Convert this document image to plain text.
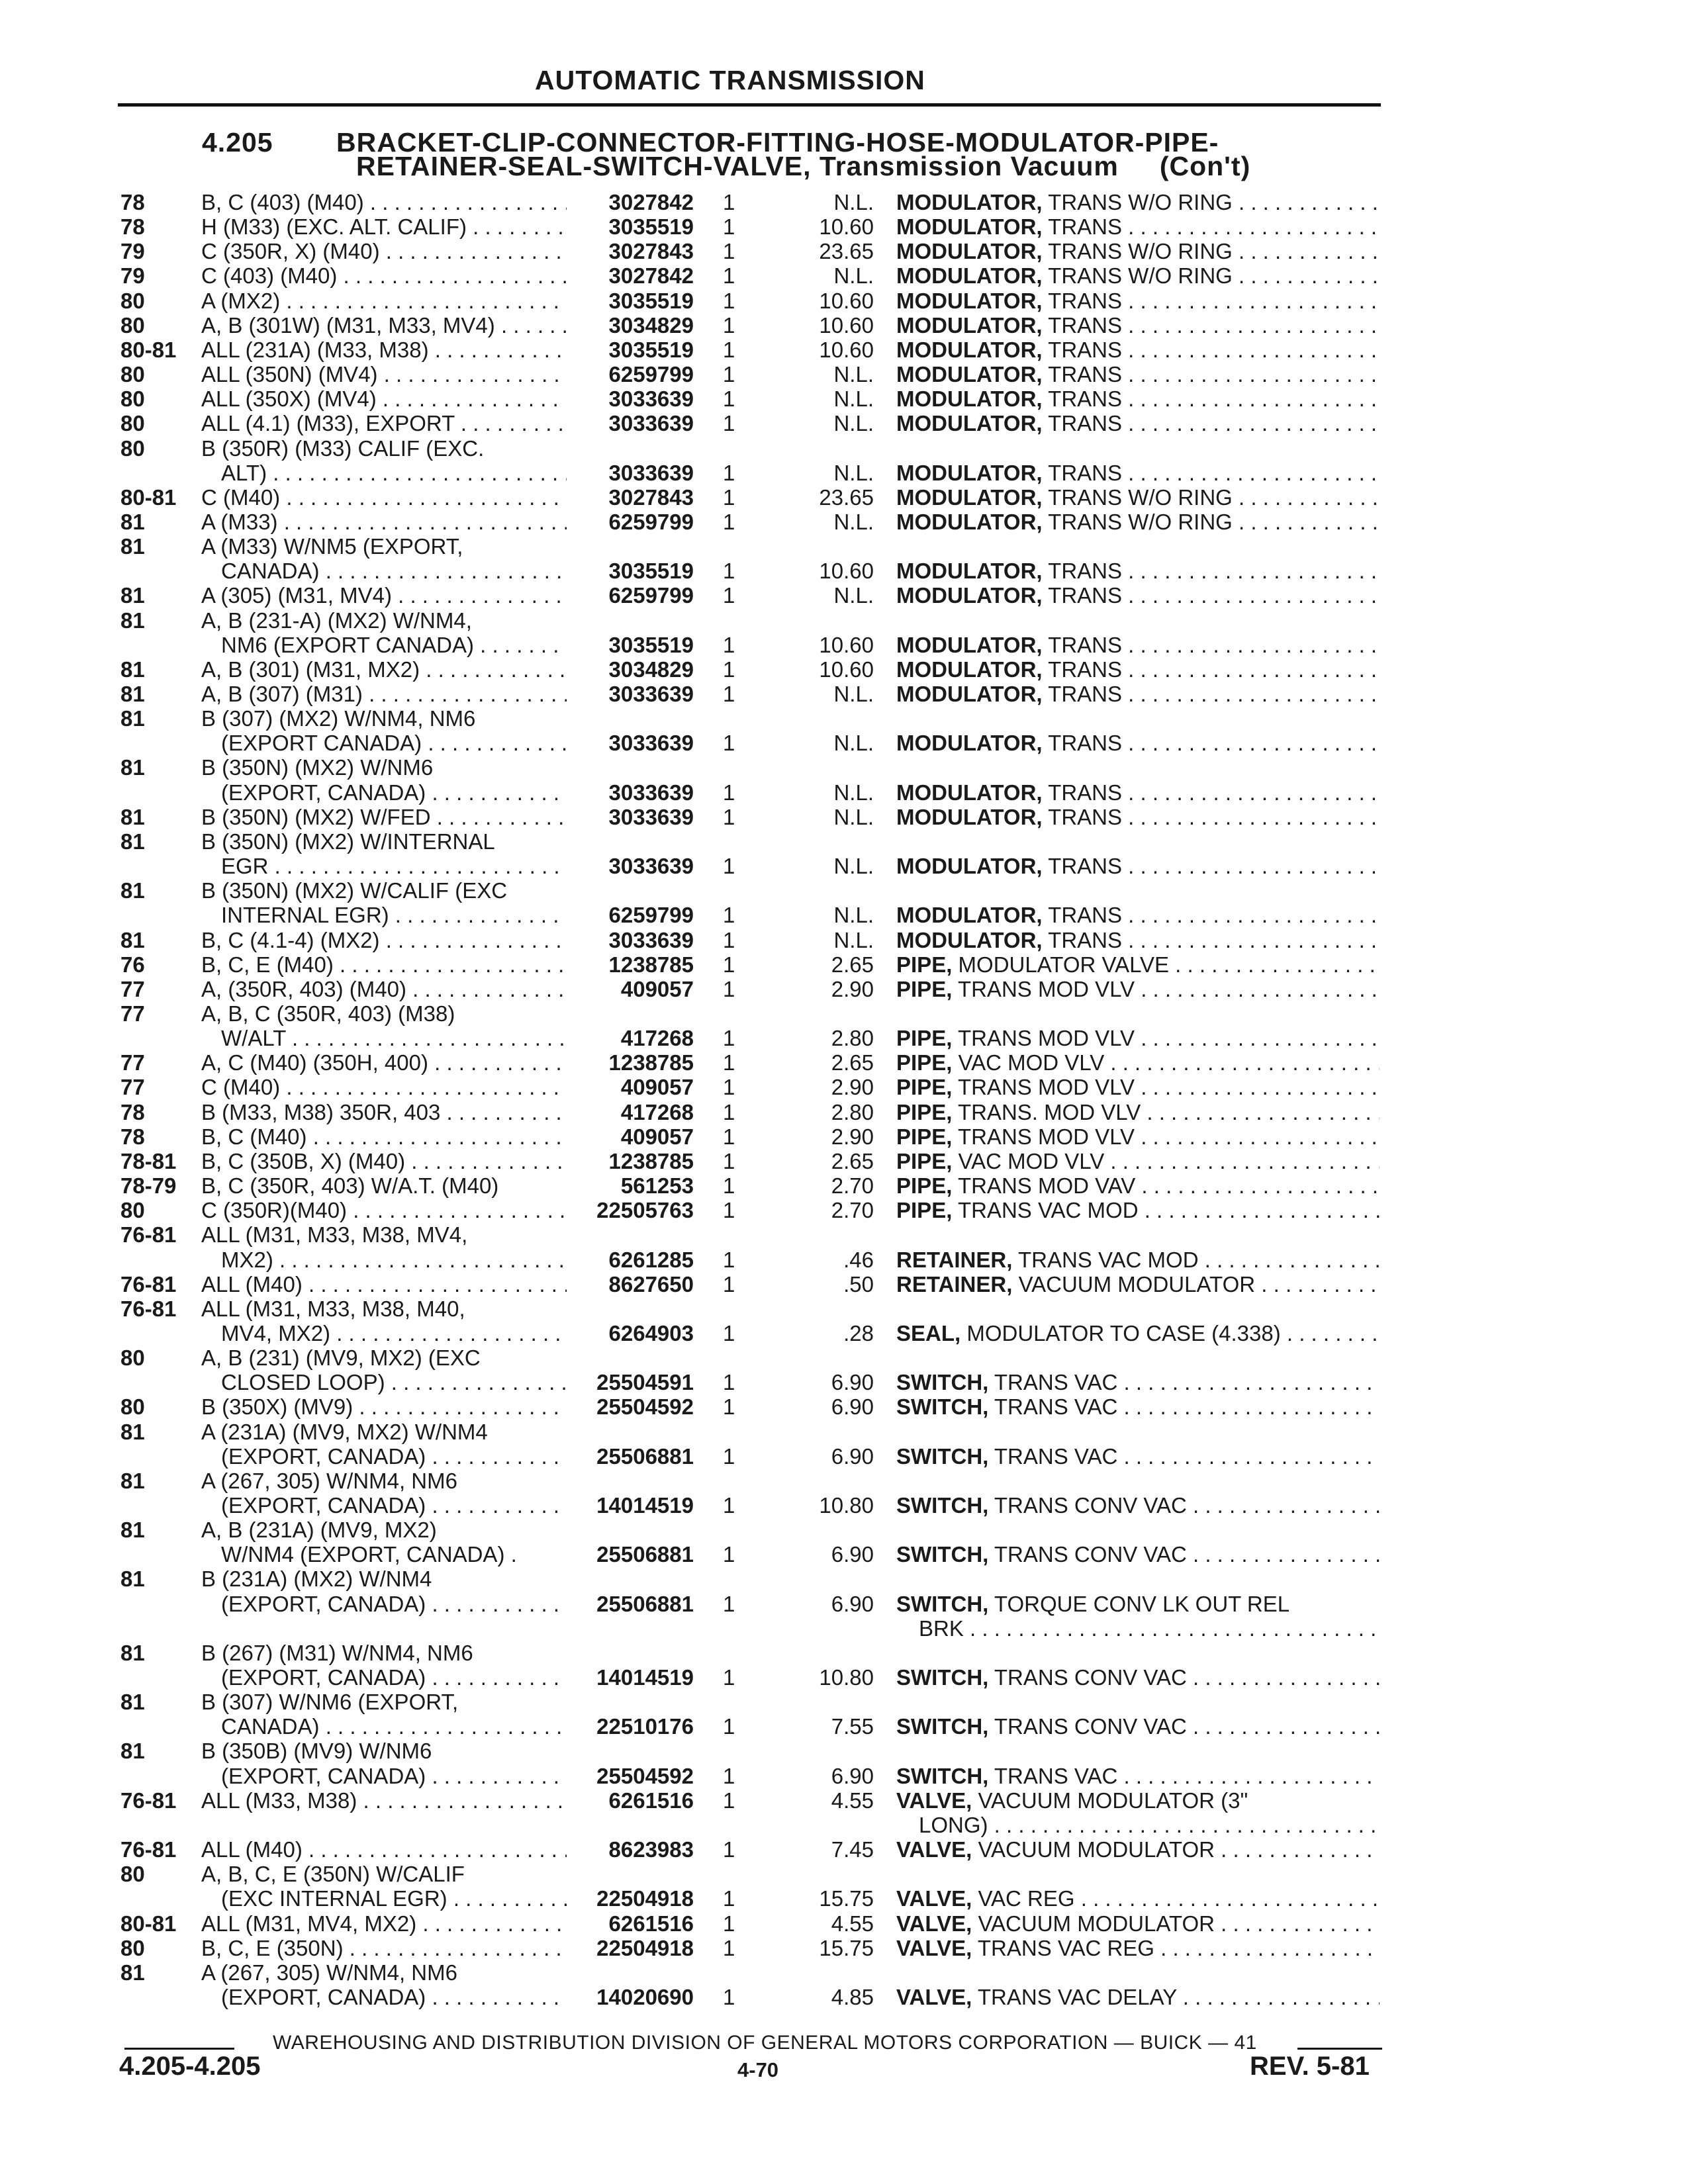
AUTOMATIC TRANSMISSION
4.205 BRACKET-CLIP-CONNECTOR-FITTING-HOSE-MODULATOR-PIPE-
RETAINER-SEAL-SWITCH-VALVE, Transmission Vacuum     (Con't)
78	B, C (403) (M40) . . .	3027842 1	N.L. MODULATOR, TRANS W/O RING . . .
78	H (M33) (EXC. ALT. CALIF) . . .	3035519 1	10.60 MODULATOR, TRANS . . .
79	C (350R, X) (M40) . . .	3027843 1	23.65 MODULATOR, TRANS W/O RING . . .
79	C (403) (M40) . . .	3027842 1	N.L. MODULATOR, TRANS W/O RING . . .
80	A (MX2) . . .	3035519 1	10.60 MODULATOR, TRANS . . .
80	A, B (301W) (M31, M33, MV4) . . .	3034829 1	10.60 MODULATOR, TRANS . . .
80-81	ALL (231A) (M33, M38) . . .	3035519 1	10.60 MODULATOR, TRANS . . .
80	ALL (350N) (MV4) . . .	6259799 1	N.L. MODULATOR, TRANS . . .
80	ALL (350X) (MV4) . . .	3033639 1	N.L. MODULATOR, TRANS . . .
80	ALL (4.1) (M33), EXPORT . . .	3033639 1	N.L. MODULATOR, TRANS . . .
80	B (350R) (M33) CALIF (EXC.
ALT) . . .	3033639 1	N.L. MODULATOR, TRANS . . .
80-81	C (M40) . . .	3027843 1	23.65 MODULATOR, TRANS W/O RING . . .
81	A (M33) . . .	6259799 1	N.L. MODULATOR, TRANS W/O RING . . .
81	A (M33) W/NM5 (EXPORT,
CANADA) . . .	3035519 1	10.60 MODULATOR, TRANS . . .
81	A (305) (M31, MV4) . . .	6259799 1	N.L. MODULATOR, TRANS . . .
81	A, B (231-A) (MX2) W/NM4,
NM6 (EXPORT CANADA) . . .	3035519 1	10.60 MODULATOR, TRANS . . .
81	A, B (301) (M31, MX2) . . .	3034829 1	10.60 MODULATOR, TRANS . . .
81	A, B (307) (M31) . . .	3033639 1	N.L. MODULATOR, TRANS . . .
81	B (307) (MX2) W/NM4, NM6
(EXPORT CANADA) . . .	3033639 1	N.L. MODULATOR, TRANS . . .
81	B (350N) (MX2) W/NM6
(EXPORT, CANADA) . . .	3033639 1	N.L. MODULATOR, TRANS . . .
81	B (350N) (MX2) W/FED . . .	3033639 1	N.L. MODULATOR, TRANS . . .
81	B (350N) (MX2) W/INTERNAL
EGR . . .	3033639 1	N.L. MODULATOR, TRANS . . .
81	B (350N) (MX2) W/CALIF (EXC
INTERNAL EGR) . . .	6259799 1	N.L. MODULATOR, TRANS . . .
81	B, C (4.1-4) (MX2) . . .	3033639 1	N.L. MODULATOR, TRANS . . .
76	B, C, E (M40) . . .	1238785 1	2.65 PIPE, MODULATOR VALVE . . .
77	A, (350R, 403) (M40) . . .	409057 1	2.90 PIPE, TRANS MOD VLV . . .
77	A, B, C (350R, 403) (M38)
W/ALT . . .	417268 1	2.80 PIPE, TRANS MOD VLV . . .
77	A, C (M40) (350H, 400) . . .	1238785 1	2.65 PIPE, VAC MOD VLV . . .
77	C (M40) . . .	409057 1	2.90 PIPE, TRANS MOD VLV . . .
78	B (M33, M38) 350R, 403 . . .	417268 1	2.80 PIPE, TRANS. MOD VLV . . .
78	B, C (M40) . . .	409057 1	2.90 PIPE, TRANS MOD VLV . . .
78-81	B, C (350B, X) (M40) . . .	1238785 1	2.65 PIPE, VAC MOD VLV . . .
78-79	B, C (350R, 403) W/A.T. (M40)	561253 1	2.70 PIPE, TRANS MOD VAV . . .
80	C (350R)(M40) . . .	22505763 1	2.70 PIPE, TRANS VAC MOD . . .
76-81	ALL (M31, M33, M38, MV4,
MX2) . . .	6261285 1	.46 RETAINER, TRANS VAC MOD . . .
76-81	ALL (M40) . . .	8627650 1	.50 RETAINER, VACUUM MODULATOR . . .
76-81	ALL (M31, M33, M38, M40,
MV4, MX2) . . .	6264903 1	.28 SEAL, MODULATOR TO CASE (4.338) . . .
80	A, B (231) (MV9, MX2) (EXC
CLOSED LOOP) . . .	25504591 1	6.90 SWITCH, TRANS VAC . . .
80	B (350X) (MV9) . . .	25504592 1	6.90 SWITCH, TRANS VAC . . .
81	A (231A) (MV9, MX2) W/NM4
(EXPORT, CANADA) . . .	25506881 1	6.90 SWITCH, TRANS VAC . . .
81	A (267, 305) W/NM4, NM6
(EXPORT, CANADA) . . .	14014519 1	10.80 SWITCH, TRANS CONV VAC . . .
81	A, B (231A) (MV9, MX2)
W/NM4 (EXPORT, CANADA) .	25506881 1	6.90 SWITCH, TRANS CONV VAC . . .
81	B (231A) (MX2) W/NM4
(EXPORT, CANADA) . . .	25506881 1	6.90 SWITCH, TORQUE CONV LK OUT REL
BRK . . .
81	B (267) (M31) W/NM4, NM6
(EXPORT, CANADA) . . .	14014519 1	10.80 SWITCH, TRANS CONV VAC . . .
81	B (307) W/NM6 (EXPORT,
CANADA) . . .	22510176 1	7.55 SWITCH, TRANS CONV VAC . . .
81	B (350B) (MV9) W/NM6
(EXPORT, CANADA) . . .	25504592 1	6.90 SWITCH, TRANS VAC . . .
76-81	ALL (M33, M38) . . .	6261516 1	4.55 VALVE, VACUUM MODULATOR (3"
LONG) . . .
76-81	ALL (M40) . . .	8623983 1	7.45 VALVE, VACUUM MODULATOR . . .
80	A, B, C, E (350N) W/CALIF
(EXC INTERNAL EGR) . . .	22504918 1	15.75 VALVE, VAC REG . . .
80-81	ALL (M31, MV4, MX2) . . .	6261516 1	4.55 VALVE, VACUUM MODULATOR . . .
80	B, C, E (350N) . . .	22504918 1	15.75 VALVE, TRANS VAC REG . . .
81	A (267, 305) W/NM4, NM6
(EXPORT, CANADA) . . .	14020690 1	4.85 VALVE, TRANS VAC DELAY . . .
WAREHOUSING AND DISTRIBUTION DIVISION OF GENERAL MOTORS CORPORATION — BUICK — 41
4.205-4.205	4-70	REV. 5-81
